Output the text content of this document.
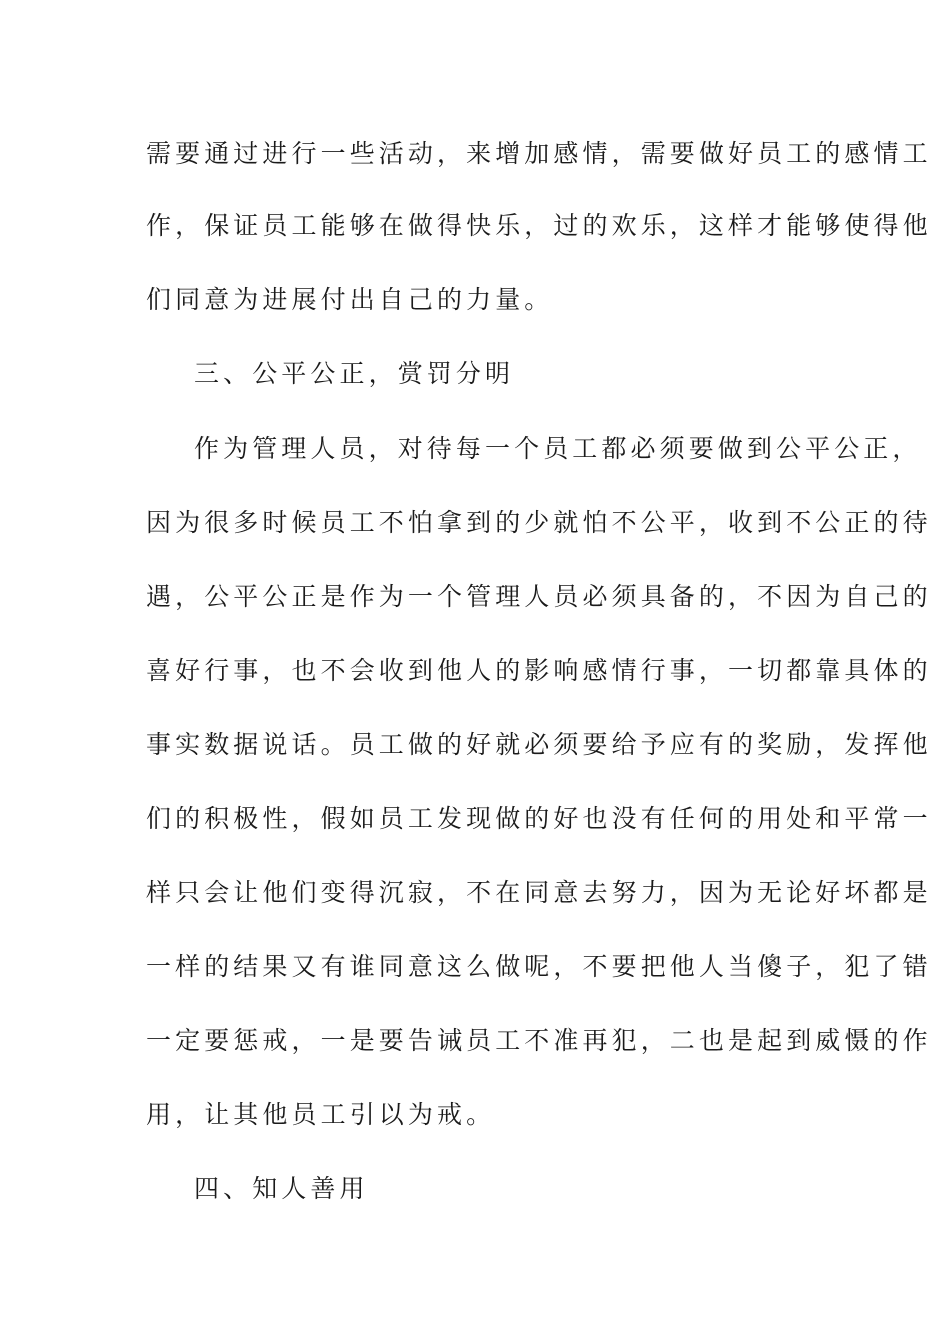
需要通过进行一些活动，来增加感情，需要做好员工的感情工
作，保证员工能够在做得快乐，过的欢乐，这样才能够使得他
们同意为进展付出自己的力量。
三、公平公正，赏罚分明
作为管理人员，对待每一个员工都必须要做到公平公正，
因为很多时候员工不怕拿到的少就怕不公平，收到不公正的待
遇，公平公正是作为一个管理人员必须具备的，不因为自己的
喜好行事，也不会收到他人的影响感情行事，一切都靠具体的
事实数据说话。员工做的好就必须要给予应有的奖励，发挥他
们的积极性，假如员工发现做的好也没有任何的用处和平常一
样只会让他们变得沉寂，不在同意去努力，因为无论好坏都是
一样的结果又有谁同意这么做呢，不要把他人当傻子，犯了错
一定要惩戒，一是要告诫员工不准再犯，二也是起到威慑的作
用，让其他员工引以为戒。
四、知人善用
